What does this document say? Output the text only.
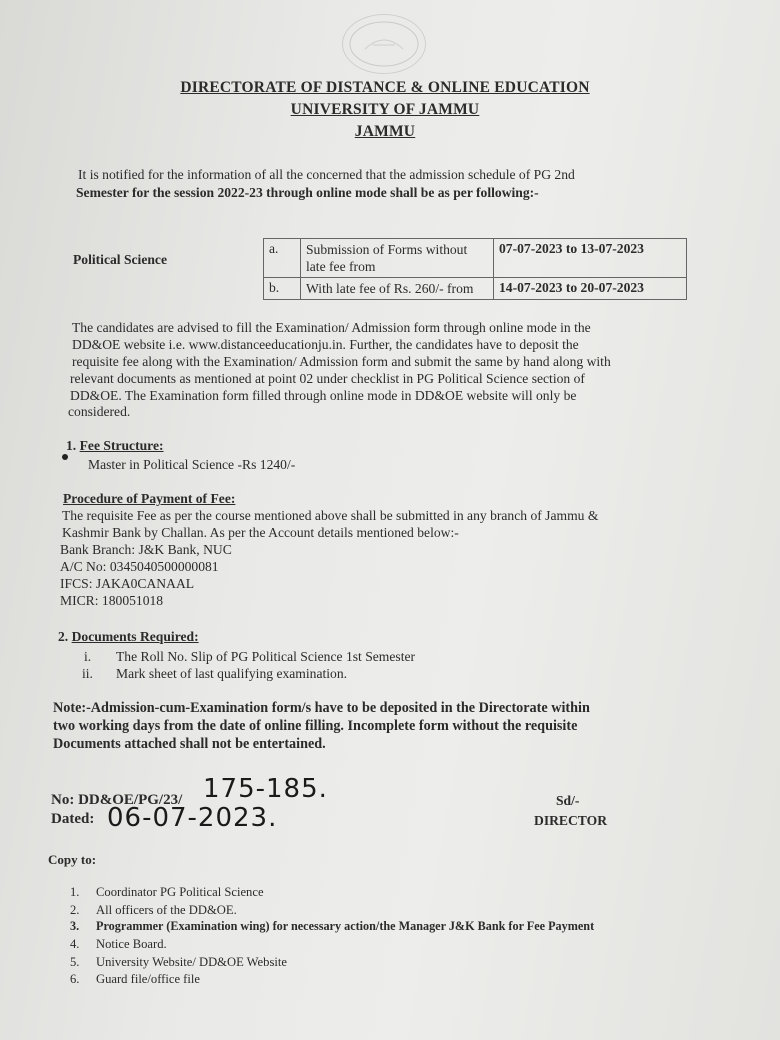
DIRECTORATE OF DISTANCE & ONLINE EDUCATION
UNIVERSITY OF JAMMU
JAMMU
It is notified for the information of all the concerned that the admission schedule of PG 2nd
Semester for the session 2022-23 through online mode shall be as per following:-
Political Science
a.	Submission of Forms without late fee from	07-07-2023 to 13-07-2023
b.	With late fee of Rs. 260/- from	14-07-2023 to 20-07-2023
The candidates are advised to fill the Examination/ Admission form through online mode in the
DD&OE website i.e. www.distanceeducationju.in. Further, the candidates have to deposit the
requisite fee along with the Examination/ Admission form and submit the same by hand along with
relevant documents as mentioned at point 02 under checklist in PG Political Science section of
DD&OE. The Examination form filled through online mode in DD&OE website will only be
considered.
1. Fee Structure:
Master in Political Science -Rs 1240/-
Procedure of Payment of Fee:
The requisite Fee as per the course mentioned above shall be submitted in any branch of Jammu &
Kashmir Bank by Challan. As per the Account details mentioned below:-
Bank Branch: J&K Bank, NUC
A/C No: 0345040500000081
IFCS: JAKA0CANAAL
MICR: 180051018
2. Documents Required:
i. The Roll No. Slip of PG Political Science 1st Semester
ii. Mark sheet of last qualifying examination.
Note:-Admission-cum-Examination form/s have to be deposited in the Directorate within
two working days from the date of online filling. Incomplete form without the requisite
Documents attached shall not be entertained.
No: DD&OE/PG/23/ 175-185.
Dated: 06-07-2023.
Sd/-
DIRECTOR
Copy to:
1. Coordinator PG Political Science
2. All officers of the DD&OE.
3. Programmer (Examination wing) for necessary action/the Manager J&K Bank for Fee Payment
4. Notice Board.
5. University Website/ DD&OE Website
6. Guard file/office file
